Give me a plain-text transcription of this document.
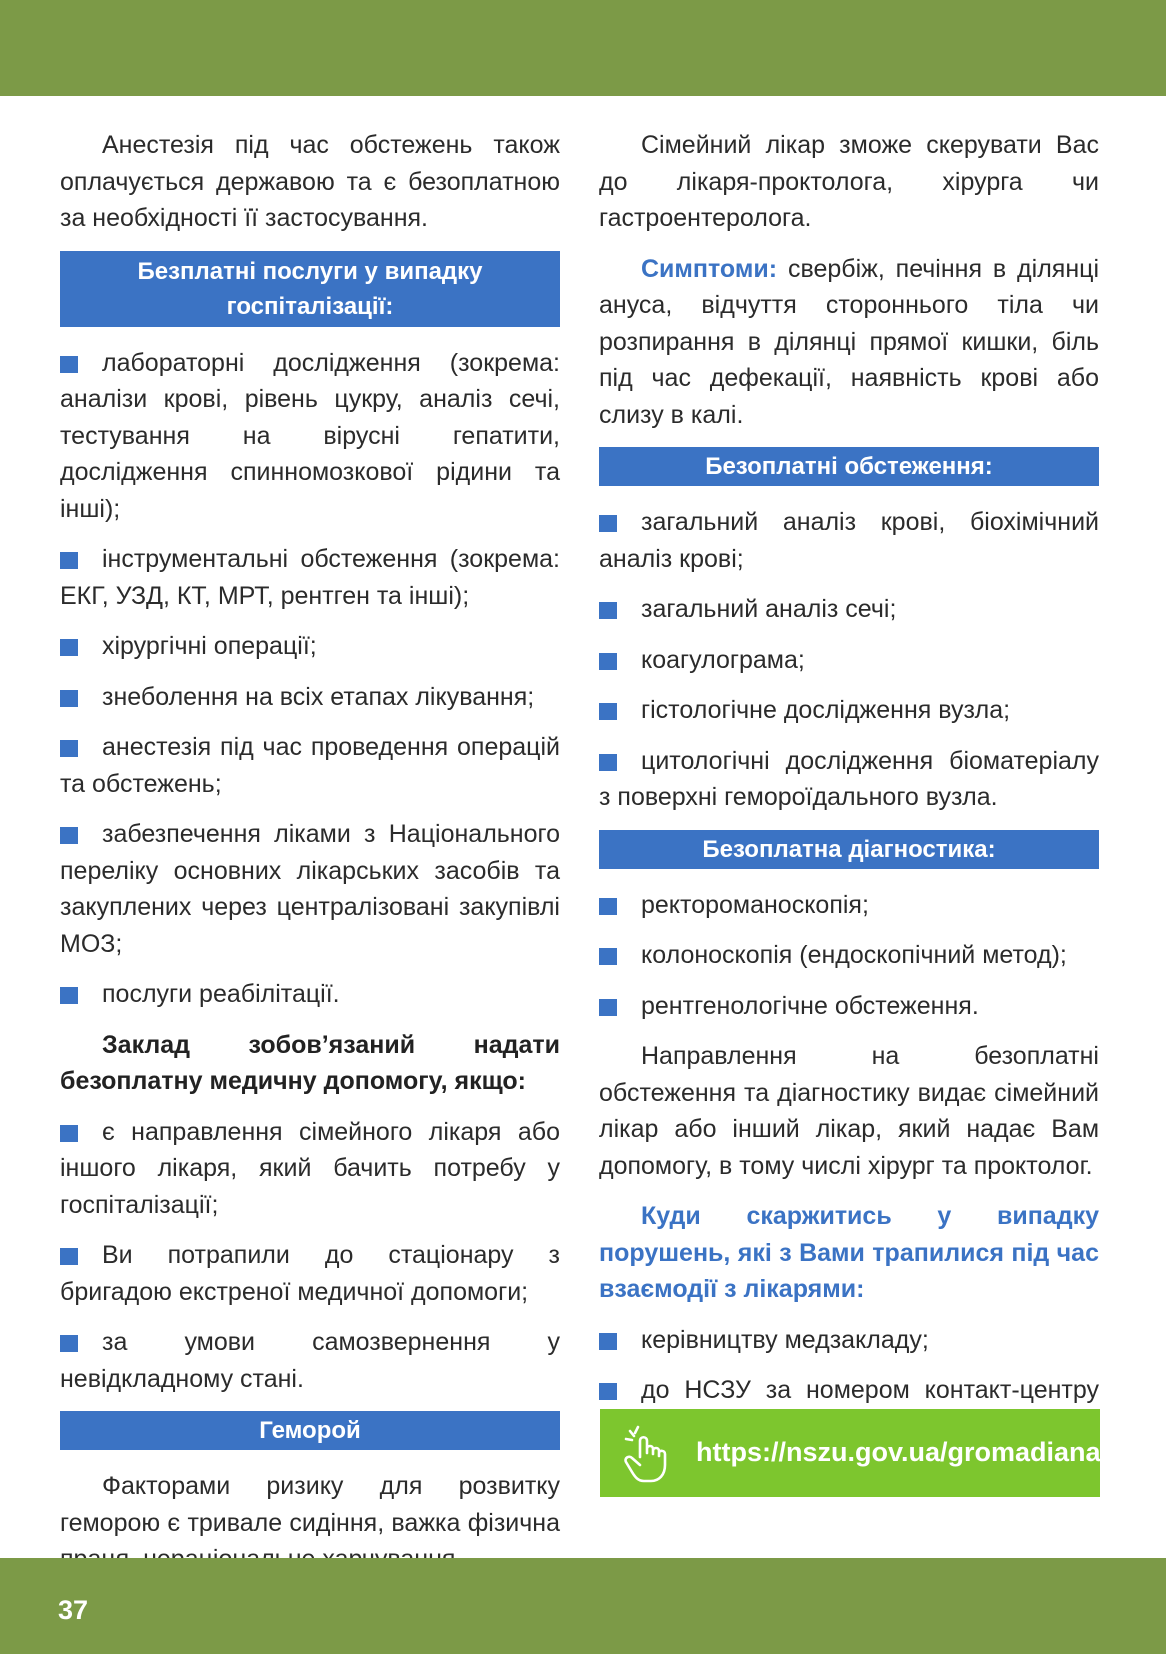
Анестезія під час обстежень також оплачується державою та є безоплатною за необхідності її застосування.

Безплатні послуги у випадку госпіталізації:
лабораторні дослідження (зокрема: аналізи крові, рівень цукру, аналіз сечі, тестування на вірусні гепатити, дослідження спинномозкової рідини та інші);
інструментальні обстеження (зокрема: ЕКГ, УЗД, КТ, МРТ, рентген та інші);
хірургічні операції;
знеболення на всіх етапах лікування;
анестезія під час проведення операцій та обстежень;
забезпечення ліками з Національного переліку основних лікарських засобів та закуплених через централізовані закупівлі МОЗ;
послуги реабілітації.

Заклад зобов’язаний надати безоплатну медичну допомогу, якщо:

є направлення сімейного лікаря або іншого лікаря, який бачить потребу у госпіталізації;
Ви потрапили до стаціонару з бригадою екстреної медичної допомоги;
за умови самозвернення у невідкладному стані.
Геморой

Факторами ризику для розвитку геморою є тривале сидіння, важка фізична

Сімейний лікар зможе скерувати Вас до лікаря-проктолога, хірурга чи гастроентеролога.

Симптоми: свербіж, печіння в ділянці ануса, відчуття стороннього тіла чи розпирання в ділянці прямої кишки, біль під час дефекації, наявність крові або слизу в калі.

Безоплатні обстеження:
загальний аналіз крові, біохімічний аналіз крові;
загальний аналіз сечі;
коагулограма;
гістологічне дослідження вузла;
цитологічні дослідження біоматеріалу з поверхні гемороїдального вузла.
Безоплатна діагностика:
ректороманоскопія;
колоноскопія (ендоскопічний метод);
рентгенологічне обстеження.

Направлення на безоплатні обстеження та діагностику видає сімейний лікар або інший лікар, який надає Вам допомогу, в тому числі хірург та проктолог.

Куди скаржитись у випадку порушень, які з Вами трапилися під час взаємодії з лікарями:

керівництву медзакладу;
до НСЗУ за номером контакт-центру
https://nszu.gov.ua/gromadianam
37
